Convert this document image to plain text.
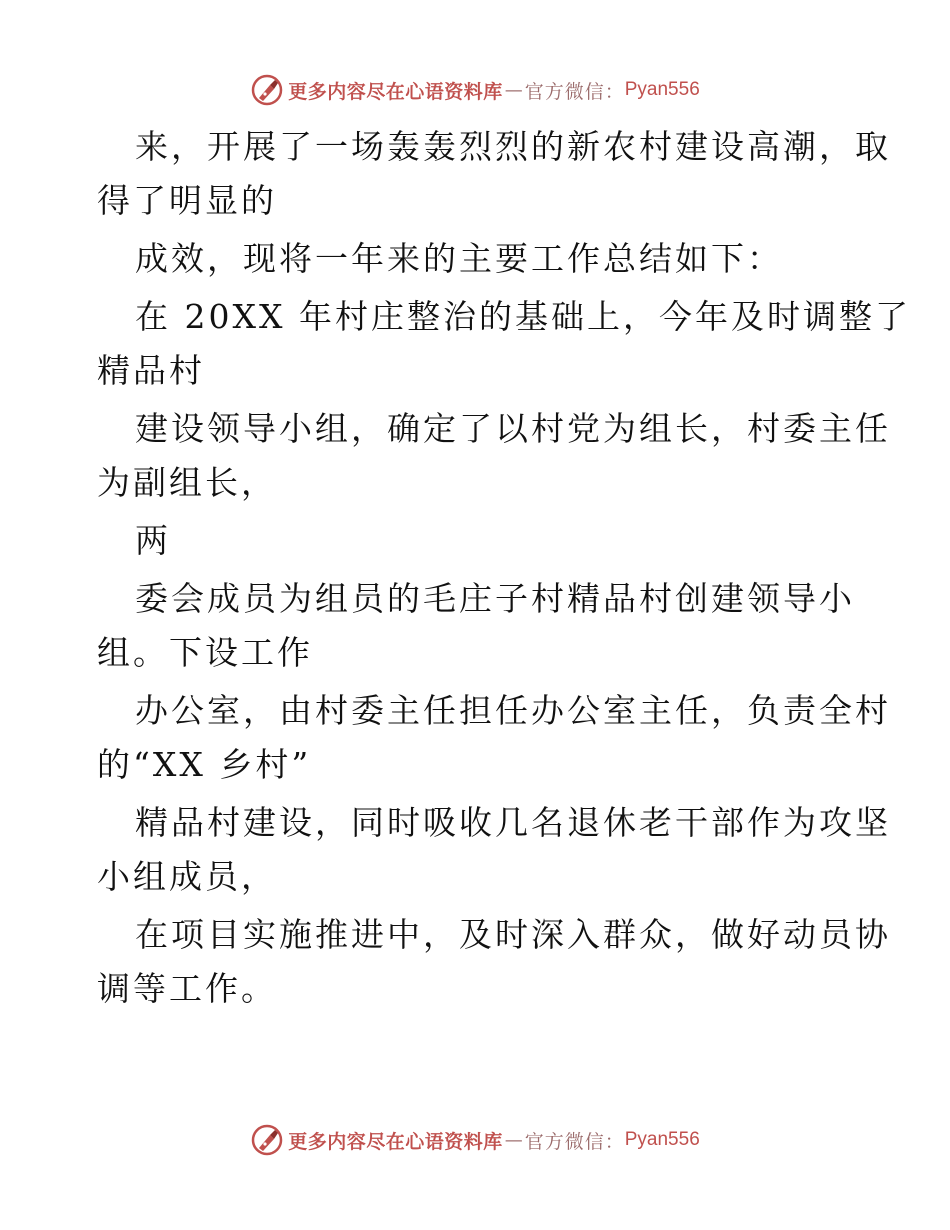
更多内容尽在心语资料库 — 官方微信： Pyan556
来，开展了一场轰轰烈烈的新农村建设高潮，取
得了明显的
成效，现将一年来的主要工作总结如下：
在 20XX 年村庄整治的基础上，今年及时调整了
精品村
建设领导小组，确定了以村党为组长，村委主任
为副组长，
两
委会成员为组员的毛庄子村精品村创建领导小
组。下设工作
办公室，由村委主任担任办公室主任，负责全村
的“XX 乡村”
精品村建设，同时吸收几名退休老干部作为攻坚
小组成员，
在项目实施推进中，及时深入群众，做好动员协
调等工作。
更多内容尽在心语资料库 — 官方微信： Pyan556
